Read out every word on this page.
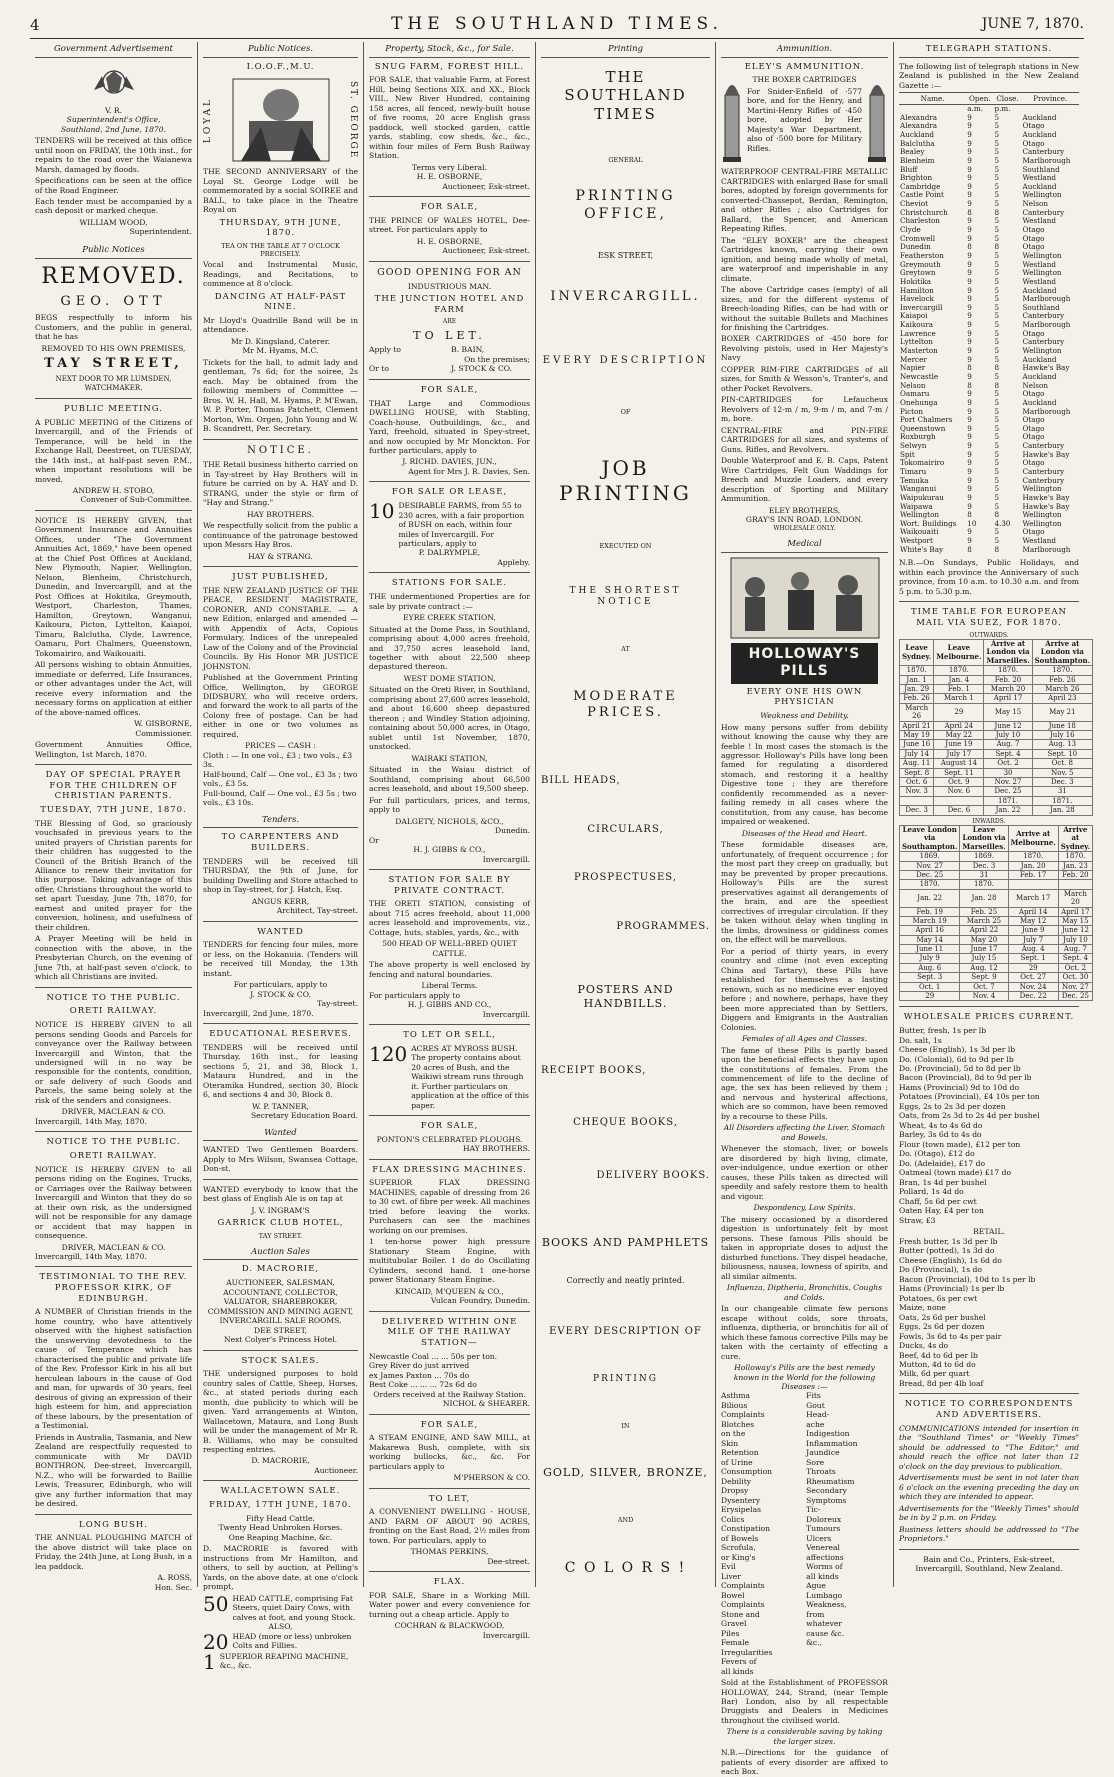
4	THE SOUTHLAND TIMES.	JUNE 7, 1870.
Government Advertisement
V. R.
Superintendent's Office,
Southland, 2nd June, 1870.

TENDERS will be received at this office until noon on FRIDAY, the 10th inst., for repairs to the road over the Waianewa Marsh, damaged by floods.

Specifications can be seen at the office of the Road Engineer.

Each tender must be accompanied by a cash deposit or marked cheque.

WILLIAM WOOD,
Superintendent.
Public Notices
REMOVED.
GEO. OTT

BEGS respectfully to inform his Customers, and the public in general, that he has

REMOVED TO HIS OWN PREMISES,
TAY STREET,
NEXT DOOR TO MR LUMSDEN, WATCHMAKER.
PUBLIC MEETING.

A PUBLIC MEETING of the Citizens of Invercargill, and of the Friends of Temperance, will be held in the Exchange Hall, Deestreet, on TUESDAY, the 14th inst., at half-past seven P.M., when important resolutions will be moved.

ANDREW H. STOBO,
Convener of Sub-Committee.

NOTICE IS HEREBY GIVEN, that Government Insurance and Annuities Offices, under "The Government Annuities Act, 1869," have been opened at the Chief Post Offices at Auckland, New Plymouth, Napier, Wellington, Nelson, Blenheim, Christchurch, Dunedin, and Invercargill, and at the Post Offices at Hokitika, Greymouth, Westport, Charleston, Thames, Hamilton, Greytown, Wanganui, Kaikoura, Picton, Lyttelton, Kaiapoi, Timaru, Balclutha, Clyde, Lawrence, Oamaru, Port Chalmers, Queenstown, Tokomairiro, and Waikouaiti.

All persons wishing to obtain Annuities, immediate or deferred, Life Insurances, or other advantages under the Act, will receive every information and the necessary forms on application at either of the above-named offices.

W. GISBORNE,
Commissioner.

Government Annuities Office, Wellington, 1st March, 1870.

DAY OF SPECIAL PRAYER FOR THE CHILDREN OF CHRISTIAN PARENTS.
TUESDAY, 7TH JUNE, 1870.

THE Blessing of God, so graciously vouchsafed in previous years to the united prayers of Christian parents for their children has suggested to the Council of the British Branch of the Alliance to renew their invitation for this purpose. Taking advantage of this offer, Christians throughout the world to set apart Tuesday, June 7th, 1870, for earnest and united prayer for the conversion, holiness, and usefulness of their children.

A Prayer Meeting will be held in connection with the above, in the Presbyterian Church, on the evening of June 7th, at half-past seven o'clock, to which all Christians are invited.

NOTICE TO THE PUBLIC.
ORETI RAILWAY.

NOTICE IS HEREBY GIVEN to all persons sending Goods and Parcels for conveyance over the Railway between Invercargill and Winton, that the undersigned will in no way be responsible for the contents, condition, or safe delivery of such Goods and Parcels, the same being solely at the risk of the senders and consignees.

DRIVER, MACLEAN & CO.
Invercargill, 14th May, 1870.
NOTICE TO THE PUBLIC.
ORETI RAILWAY.

NOTICE IS HEREBY GIVEN to all persons riding on the Engines, Trucks, or Carriages over the Railway between Invercargill and Winton that they do so at their own risk, as the undersigned will not be responsible for any damage or accident that may happen in consequence.

DRIVER, MACLEAN & CO.
Invercargill, 14th May, 1870.
TESTIMONIAL TO THE REV. PROFESSOR KIRK, OF EDINBURGH.

A NUMBER of Christian friends in the home country, who have attentively observed with the highest satisfaction the unswerving devotedness to the cause of Temperance which has characterised the public and private life of the Rev. Professor Kirk in his all but herculean labours in the cause of God and man, for upwards of 30 years, feel desirous of giving an expression of their high esteem for him, and appreciation of these labours, by the presentation of a Testimonial.

Friends in Australia, Tasmania, and New Zealand are respectfully requested to communicate with Mr DAVID BONTHRON, Dee-street, Invercargill, N.Z., who will be forwarded to Baillie Lewis, Treasurer, Edinburgh, who will give any further information that may be desired.

LONG BUSH.

THE ANNUAL PLOUGHING MATCH of the above district will take place on Friday, the 24th June, at Long Bush, in a lea paddock.

A. ROSS,
Hon. Sec.
Public Notices.
I.O.O.F.,M.U.
LOYAL	ST. GEORGE

THE SECOND ANNIVERSARY of the Loyal St. George Lodge will be commemorated by a social SOIREE and BALL, to take place in the Theatre Royal on

THURSDAY, 9TH JUNE, 1870.
TEA ON THE TABLE AT 7 O'CLOCK PRECISELY.

Vocal and Instrumental Music, Readings, and Recitations, to commence at 8 o'clock.

DANCING AT HALF-PAST NINE.

Mr Lloyd's Quadrille Band will be in attendance.

Mr D. Kingsland, Caterer.
Mr M. Hyams, M.C.

Tickets for the ball, to admit lady and gentleman, 7s 6d; for the soiree, 2s each. May be obtained from the following members of Committee — Bros. W. H. Hall, M. Hyams, P. M'Ewan, W. P. Porter, Thomas Patchett, Clement Morton, Wm. Orgen, John Young and W. B. Scandrett, Per. Secretary.

NOTICE.

THE Retail business hitherto carried on in Tay-street by Hay Brothers will in future be carried on by A. HAY and D. STRANG, under the style or firm of "Hay and Strang."

HAY BROTHERS.

We respectfully solicit from the public a continuance of the patronage bestowed upon Messrs Hay Bros.

HAY & STRANG.
JUST PUBLISHED,

THE NEW ZEALAND JUSTICE OF THE PEACE, RESIDENT MAGISTRATE, CORONER, AND CONSTABLE. — A new Edition, enlarged and amended — with Appendix of Acts, Copious Formulary, Indices of the unrepealed Law of the Colony and of the Provincial Councils. By His Honor MR JUSTICE JOHNSTON.

Published at the Government Printing Office, Wellington, by GEORGE DIDSBURY, who will receive orders, and forward the work to all parts of the Colony free of postage. Can be had either in one or two volumes as required.

PRICES — CASH :
Cloth : — In one vol., £3 ; two vols., £3 3s.
Half-bound, Calf — One vol., £3 3s ; two vols., £3 5s.
Full-bound, Calf — One vol., £3 5s ; two vols., £3 10s.
Tenders.
TO CARPENTERS AND BUILDERS.

TENDERS will be received till THURSDAY, the 9th of June, for building Dwelling and Store attached to shop in Tay-street, for J. Hatch, Esq.

ANGUS KERR,
Architect, Tay-street.
WANTED

TENDERS for fencing four miles, more or less, on the Hokanuia. (Tenders will be received till Monday, the 13th instant.

For particulars, apply to
J. STOCK & CO.
Tay-street.
Invercargill, 2nd June, 1870.
EDUCATIONAL RESERVES.

TENDERS will be received until Thursday, 16th inst., for leasing sections 5, 21, and 38, Block 1, Mataura Hundred, and in the Oteramika Hundred, section 30, Block 6, and sections 4 and 30, Block 8.

W. P. TANNER,
Secretary Education Board.
Wanted

WANTED Two Gentlemen Boarders. Apply to Mrs Wilson, Swansea Cottage, Don-st.

WANTED everybody to know that the best glass of English Ale is on tap at

J. V. INGRAM'S
GARRICK CLUB HOTEL,
TAY STREET.
Auction Sales
D. MACRORIE,
AUCTIONEER, SALESMAN,
ACCOUNTANT, COLLECTOR,
VALUATOR, SHAREBROKER,
COMMISSION AND MINING AGENT,
INVERCARGILL SALE ROOMS,
DEE STREET,
Next Colyer's Princess Hotel.
STOCK SALES.

THE undersigned purposes to hold country sales of Cattle, Sheep, Horses, &c., at stated periods during each month, due publicity to which will be given. Yard arrangements at Winton, Wallacetown, Mataura, and Long Bush will be under the management of Mr R. B. Williams, who may be consulted respecting entries.

D. MACRORIE,
Auctioneer.
WALLACETOWN SALE.
FRIDAY, 17TH JUNE, 1870.
Fifty Head Cattle.
Twenty Head Unbroken Horses.
One Reaping Machine, &c.

D. MACRORIE is favored with instructions from Mr Hamilton, and others, to sell by auction, at Pelling's Yards, on the above date, at one o'clock prompt,

50 HEAD CATTLE, comprising Fat Steers, quiet Dairy Cows, with calves at foot, and young Stock.
ALSO,
20 HEAD (more or less) unbroken Colts and Fillies.
1 SUPERIOR REAPING MACHINE, &c., &c.
Property, Stock, &c., for Sale.
SNUG FARM, FOREST HILL.

FOR SALE, that valuable Farm, at Forest Hill, being Sections XIX. and XX., Block VIII., New River Hundred, containing 158 acres, all fenced, newly-built house of five rooms, 20 acre English grass paddock, well stocked garden, cattle yards, stabling, cow sheds, &c., &c., within four miles of Fern Bush Railway Station.

Terms very Liberal.
H. E. OSBORNE,
Auctioneer, Esk-street.
FOR SALE,

THE PRINCE OF WALES HOTEL, Dee-street. For particulars apply to

H. E. OSBORNE,
Auctioneer, Esk-street.
GOOD OPENING FOR AN
INDUSTRIOUS MAN.
THE JUNCTION HOTEL AND FARM
ARE
TO LET.
Apply to	B. BAIN,
On the premises;
Or to	J. STOCK & CO.
FOR SALE,

THAT Large and Commodious DWELLING HOUSE, with Stabling, Coach-house, Outbuildings, &c., and Yard, freehold, situated in Spey-street, and now occupied by Mr Monckton. For further particulars, apply to

J. RICHD. DAVIES, JUN.,
Agent for Mrs J. R. Davies, Sen.
FOR SALE OR LEASE,
10 DESIRABLE FARMS, from 55 to 230 acres, with a fair proportion of BUSH on each, within four miles of Invercargill. For particulars, apply to
P. DALRYMPLE,
Appleby.
STATIONS FOR SALE.

THE undermentioned Properties are for sale by private contract :—

EYRE CREEK STATION,

Situated at the Dome Pass, in Southland, comprising about 4,000 acres freehold, and 37,750 acres leasehold land, together with about 22,500 sheep depastured thereon.

WEST DOME STATION,

Situated on the Oreti River, in Southland, comprising about 27,600 acres leasehold, and about 16,600 sheep depastured thereon ; and Windley Station adjoining, containing about 50,000 acres, in Otago, sublet until 1st November, 1870, unstocked.

WAIRAKI STATION,

Situated in the Waiau district of Southland, comprising about 66,500 acres leasehold, and about 19,500 sheep.

For full particulars, prices, and terms, apply to

DALGETY, NICHOLS, &CO.,
Dunedin.
Or
H. J. GIBBS & CO.,
Invercargill.
STATION FOR SALE BY PRIVATE CONTRACT.

THE ORETI STATION, consisting of about 715 acres freehold, about 11,000 acres leasehold and improvements, viz., Cottage, huts, stables, yards, &c., with

500 HEAD OF WELL-BRED QUIET CATTLE.

The above property is well enclosed by fencing and natural boundaries.

Liberal Terms.
For particulars apply to
H. J. GIBBS AND CO.,
Invercargill.
TO LET OR SELL,
120 ACRES AT MYROSS BUSH. The property contains about 20 acres of Bush, and the Waikiwi stream runs through it. Further particulars on application at the office of this paper.
FOR SALE,
PONTON'S CELEBRATED PLOUGHS.
HAY BROTHERS.
FLAX DRESSING MACHINES.

SUPERIOR FLAX DRESSING MACHINES, capable of dressing from 26 to 30 cwt. of fibre per week. All machines tried before leaving the works. Purchasers can see the machines working on our premises.

1 ten-horse power high pressure Stationary Steam Engine, with multitubular Boiler. 1 do do Oscillating Cylinders, second hand. 1 one-horse power Stationary Steam Engine.

KINCAID, M'QUEEN & CO.,
Vulcan Foundry, Dunedin.
DELIVERED WITHIN ONE MILE OF THE RAILWAY STATION—
Newcastle Coal ... ... 50s per ton.
Grey River do just arrived
ex James Paxton ... 70s do
Best Coke ... ... ... 72s 6d do
Orders received at the Railway Station.
NICHOL & SHEARER.
FOR SALE,

A STEAM ENGINE, AND SAW MILL, at Makarewa Bush, complete, with six working bullocks, &c., &c. For particulars apply to

M'PHERSON & CO.
TO LET,

A CONVENIENT DWELLING - HOUSE, AND FARM OF ABOUT 90 ACRES, fronting on the East Road, 2½ miles from town. For particulars, apply to

THOMAS PERKINS,
Dee-street.
FLAX.

FOR SALE, Share in a Working Mill. Water power and every convenience for turning out a cheap article. Apply to

COCHRAN & BLACKWOOD,
Invercargill.
Printing
THE SOUTHLAND TIMES
GENERAL
PRINTING OFFICE,
ESK STREET,
INVERCARGILL.
EVERY DESCRIPTION
OF
JOB PRINTING
EXECUTED ON
THE SHORTEST NOTICE
AT
MODERATE PRICES.
BILL HEADS,
CIRCULARS,
PROSPECTUSES,
PROGRAMMES.
POSTERS AND HANDBILLS.
RECEIPT BOOKS,
CHEQUE BOOKS,
DELIVERY BOOKS.
BOOKS AND PAMPHLETS
Correctly and neatly printed.
EVERY DESCRIPTION OF
PRINTING
IN
GOLD, SILVER, BRONZE,
AND
C O L O R S !
Ammunition.
ELEY'S AMMUNITION.
THE BOXER CARTRIDGES

For Snider-Enfield of ·577 bore, and for the Henry, and Martini-Henry Rifles of ·450 bore, adopted by Her Majesty's War Department, also of ·500 bore for Military Rifles.

WATERPROOF CENTRAL-FIRE METALLIC CARTRIDGES with enlarged Base for small bores, adopted by foreign governments for converted-Chassepot, Berdan, Remington, and other Rifles ; also Cartridges for Ballard, the Spencer, and American Repeating Rifles.

The "ELEY BOXER" are the cheapest Cartridges known, carrying their own ignition, and being made wholly of metal, are waterproof and imperishable in any climate.

The above Cartridge cases (empty) of all sizes, and for the different systems of Breech-loading Rifles, can be had with or without the suitable Bullets and Machines for finishing the Cartridges.

BOXER CARTRIDGES of ·450 bore for Revolving pistols, used in Her Majesty's Navy

COPPER RIM-FIRE CARTRIDGES of all sizes, for Smith & Wesson's, Tranter's, and other Pocket Revolvers.

PIN-CARTRIDGES for Lefaucheux Revolvers of 12-m / m, 9-m / m, and 7-m / m, bore.

CENTRAL-FIRE and PIN-FIRE CARTRIDGES for all sizes, and systems of Guns, Rifles, and Revolvers.

Double Waterproof and E. B. Caps, Patent Wire Cartridges, Felt Gun Waddings for Breech and Muzzle Loaders, and every description of Sporting and Military Ammunition.

ELEY BROTHERS,
GRAY'S INN ROAD, LONDON.
WHOLESALE ONLY.
Medical
HOLLOWAY'S PILLS
EVERY ONE HIS OWN PHYSICIAN
Weakness and Debility.

How many persons suffer from debility without knowing the cause why they are feeble ! In most cases the stomach is the aggressor. Holloway's Pills have long been famed for regulating a disordered stomach, and restoring it a healthy Digestive tone ; they are therefore confidently recommended as a never-failing remedy in all cases where the constitution, from any cause, has become impaired or weakened.

Diseases of the Head and Heart.

These formidable diseases are, unfortunately, of frequent occurrence ; for the most part they creep on gradually, but may be prevented by proper precautions. Holloway's Pills are the surest preservatives against all derangements of the brain, and are the speediest correctives of irregular circulation. If they be taken without delay when tingling in the limbs, drowsiness or giddiness comes on, the effect will be marvellous.

For a period of thirty years, in every country and clime (not even excepting China and Tartary), these Pills have established for themselves a lasting renown, such as no medicine ever enjoyed before ; and nowhere, perhaps, have they been more appreciated than by Settlers, Diggers and Emigrants in the Australian Colonies.

Females of all Ages and Classes.

The fame of these Pills is partly based upon the beneficial effects they have upon the constitutions of females. From the commencement of life to the decline of age, the sex has been relieved by them ; and nervous and hysterical affections, which are so common, have been removed by a recourse to these Pills.

All Disorders affecting the Liver, Stomach and Bowels.

Whenever the stomach, liver, or bowels are disordered by high living, climate, over-indulgence, undue exertion or other causes, these Pills taken as directed will speedily and safely restore them to health and vigour.

Despondency, Low Spirits.

The misery occasioned by a disordered digestion is unfortunately felt by most persons. These famous Pills should be taken in appropriate doses to adjust the disturbed functions. They dispel headache, biliousness, nausea, lowness of spirits, and all similar ailments.

Influenza, Diptheria, Bronchitis, Coughs and Colds.

In our changeable climate few persons escape without colds, sore throats, influenza, diptheria, or bronchitis for all of which these famous corrective Pills may be taken with the certainty of effecting a cure.

Holloway's Pills are the best remedy known in the World for the following Diseases :—
Asthma
Bilious Complaints
Blotches on the Skin
Retention of Urine
Consumption
Debility
Dropsy
Dysentery
Erysipelas
Colics
Constipation of Bowels
Scrofula, or King's Evil
Liver Complaints
Bowel Complaints
Stone and Gravel
Piles
Female Irregularities
Fevers of all kinds
Fits
Gout
Head-ache
Indigestion
Inflammation
Jaundice
Sore Throats
Rheumatism
Secondary Symptoms
Tic-Doloreux
Tumours
Ulcers
Venereal affections
Worms of all kinds
Ague
Lumbago
Weakness, from whatever cause &c. &c.,

Sold at the Establishment of PROFESSOR HOLLOWAY, 244, Strand, (near Temple Bar) London, also by all respectable Druggists and Dealers in Medicines throughout the civilised world.

There is a considerable saving by taking the larger sizes.

N.B.—Directions for the guidance of patients of every disorder are affixed to each Box.

TELEGRAPH STATIONS.

The following list of telegraph stations in New Zealand is published in the New Zealand Gazette :—

Name.	Open.	Close.	Province.
	a.m.	p.m.	
Alexandra	9	5	Auckland
Alexandra	9	5	Otago
Auckland	9	5	Auckland
Balclutha	9	5	Otago
Bealey	9	5	Canterbury
Blenheim	9	5	Marlborough
Bluff	9	5	Southland
Brighton	9	5	Westland
Cambridge	9	5	Auckland
Castle Point	9	5	Wellington
Cheviot	9	5	Nelson
Christchurch	8	8	Canterbury
Charleston	9	5	Westland
Clyde	9	5	Otago
Cromwell	9	5	Otago
Dunedin	8	8	Otago
Featherston	9	5	Wellington
Greymouth	9	5	Westland
Greytown	9	5	Wellington
Hokitika	9	5	Westland
Hamilton	9	5	Auckland
Havelock	9	5	Marlborough
Invercargill	9	5	Southland
Kaiapoi	9	5	Canterbury
Kaikoura	9	5	Marlborough
Lawrence	9	5	Otago
Lyttelton	9	5	Canterbury
Masterton	9	5	Wellington
Mercer	9	5	Auckland
Napier	8	8	Hawke's Bay
Newcastle	9	5	Auckland
Nelson	8	8	Nelson
Oamaru	9	5	Otago
Onehunga	9	5	Auckland
Picton	9	5	Marlborough
Port Chalmers	9	5	Otago
Queenstown	9	5	Otago
Roxburgh	9	5	Otago
Selwyn	9	5	Canterbury
Spit	9	5	Hawke's Bay
Tokomairiro	9	5	Otago
Timaru	9	5	Canterbury
Temuka	9	5	Canterbury
Wanganui	9	5	Wellington
Waipukurau	9	5	Hawke's Bay
Waipawa	9	5	Hawke's Bay
Wellington	8	8	Wellington
Wort. Buildings	10	4.30	Wellington
Waikouaiti	9	5	Otago
Westport	9	5	Westland
White's Bay	8	8	Marlborough

N.B.—On Sundays, Public Holidays, and within each province the Anniversary of such province, from 10 a.m. to 10.30 a.m. and from 5 p.m. to 5.30 p.m.

TIME TABLE FOR EUROPEAN MAIL VIA SUEZ, FOR 1870.
OUTWARDS.
Leave Sydney.	Leave Melbourne.	Arrive at London via Marseilles.	Arrive at London via Southampton.
1870.	1870.	1870.	1870.
Jan. 1	Jan. 4	Feb. 20	Feb. 26
Jan. 29	Feb. 1	March 20	March 26
Feb. 26	March 1	April 17	April 23
March 26	29	May 15	May 21
April 21	April 24	June 12	June 18
May 19	May 22	July 10	July 16
June 16	June 19	Aug. 7	Aug. 13
July 14	July 17	Sept. 4	Sept. 10
Aug. 11	August 14	Oct. 2	Oct. 8
Sept. 8	Sept. 11	30	Nov. 5
Oct. 6	Oct. 9	Nov. 27	Dec. 3
Nov. 3	Nov. 6	Dec. 25	31
		1871.	1871.
Dec. 3	Dec. 6	Jan. 22	Jan. 28
INWARDS.
Leave London via Southampton.	Leave London via Marseilles.	Arrive at Melbourne.	Arrive at Sydney.
1869.	1869.	1870.	1870.
Nov. 27	Dec. 3	Jan. 20	Jan. 23
Dec. 25	31	Feb. 17	Feb. 20
1870.	1870.		
Jan. 22	Jan. 28	March 17	March 20
Feb. 19	Feb. 25	April 14	April 17
March 19	March 25	May 12	May 15
April 16	April 22	June 9	June 12
May 14	May 20	July 7	July 10
June 11	June 17	Aug. 4	Aug. 7
July 9	July 15	Sept. 1	Sept. 4
Aug. 6	Aug. 12	29	Oct. 2
Sept. 3	Sept. 9	Oct. 27	Oct. 30
Oct. 1	Oct. 7	Nov. 24	Nov. 27
29	Nov. 4	Dec. 22	Dec. 25
WHOLESALE PRICES CURRENT.
Butter, fresh, 1s per lb
Do. salt, 1s
Cheese (English), 1s 3d per lb
Do. (Colonial), 6d to 9d per lb
Do. (Provincial), 5d to 8d per lb
Bacon (Provincial), 8d to 9d per lb
Hams (Provincial) 9d to 10d do
Potatoes (Provincial), £4 10s per ton
Eggs, 2s to 2s 3d per dozen
Oats, from 2s 3d to 2s 4d per bushel
Wheat, 4s to 4s 6d do
Barley, 3s 6d to 4s do
Flour (town made), £12 per ton
Do. (Otago), £12 do
Do. (Adelaide), £17 do
Oatmeal (town made) £17 do
Bran, 1s 4d per bushel
Pollard, 1s 4d do
Chaff, 5s 6d per cwt
Oaten Hay, £4 per ton
Straw, £3
RETAIL.
Fresh butter, 1s 3d per lb
Butter (potted), 1s 3d do
Cheese (English), 1s 6d do
Do (Provincial), 1s do
Bacon (Provincial), 10d to 1s per lb
Hams (Provincial) 1s per lb
Potatoes, 6s per cwt
Maize, none
Oats, 2s 6d per bushel
Eggs, 2s 6d per dozen
Fowls, 3s 6d to 4s per pair
Ducks, 4s do
Beef, 4d to 6d per lb
Mutton, 4d to 6d do
Milk, 6d per quart
Bread, 8d per 4lb loaf
NOTICE TO CORRESPONDENTS AND ADVERTISERS.

COMMUNICATIONS intended for insertion in the "Southland Times" or "Weekly Times" should be addressed to "The Editor," and should reach the office not later than 12 o'clock on the day previous to publication.

Advertisements must be sent in not later than 6 o'clock on the evening preceding the day on which they are intended to appear.

Advertisements for the "Weekly Times" should be in by 2 p.m. on Friday.

Business letters should be addressed to "The Proprietors."

Bain and Co., Printers, Esk-street, Invercargill, Southland, New Zealand.
